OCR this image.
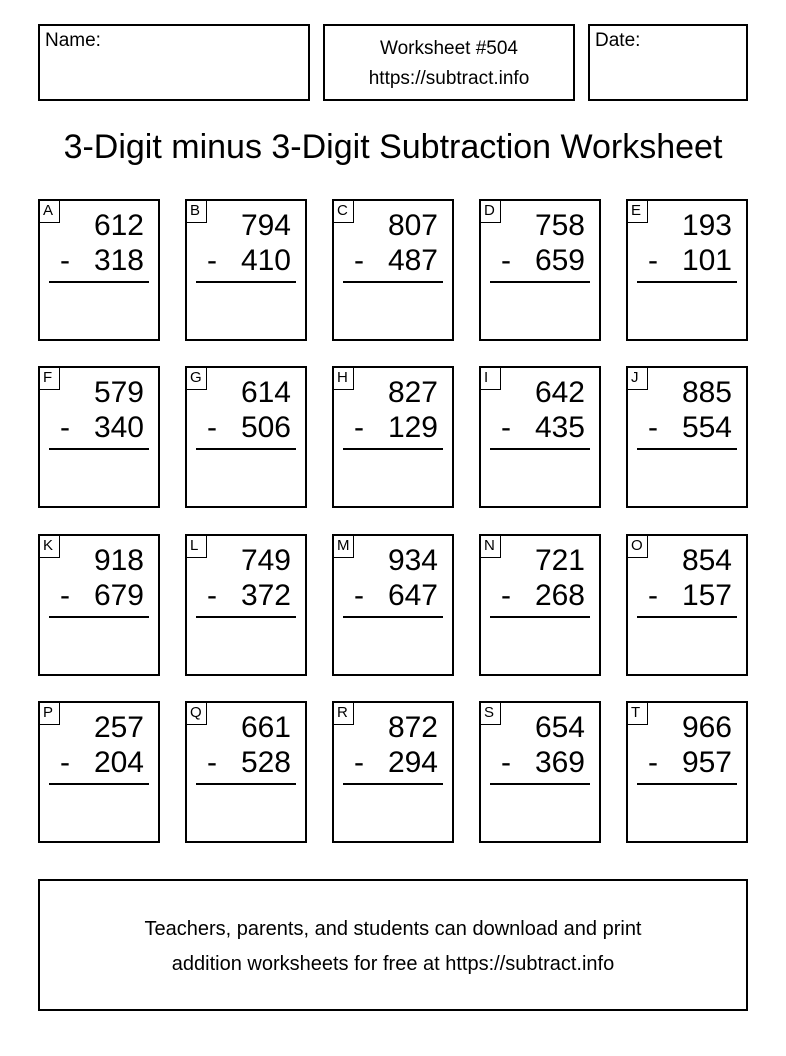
Name:	Worksheet #504
https://subtract.info
Date:
3-Digit minus 3-Digit Subtraction Worksheet
A 612
- 318
B 794
- 410
C 807
- 487
D 758
- 659
E 193
- 101
F 579
- 340
G 614
- 506
H 827
- 129
I	642
- 435
J	885
- 554
K 918
- 679
L 749
- 372
M 934
- 647
N 721
- 268
O 854
- 157
P 257
- 204
Q 661
- 528
R 872
- 294
S 654
- 369
T 966
- 957
Teachers, parents, and students can download and print
addition worksheets for free at https://subtract.info
